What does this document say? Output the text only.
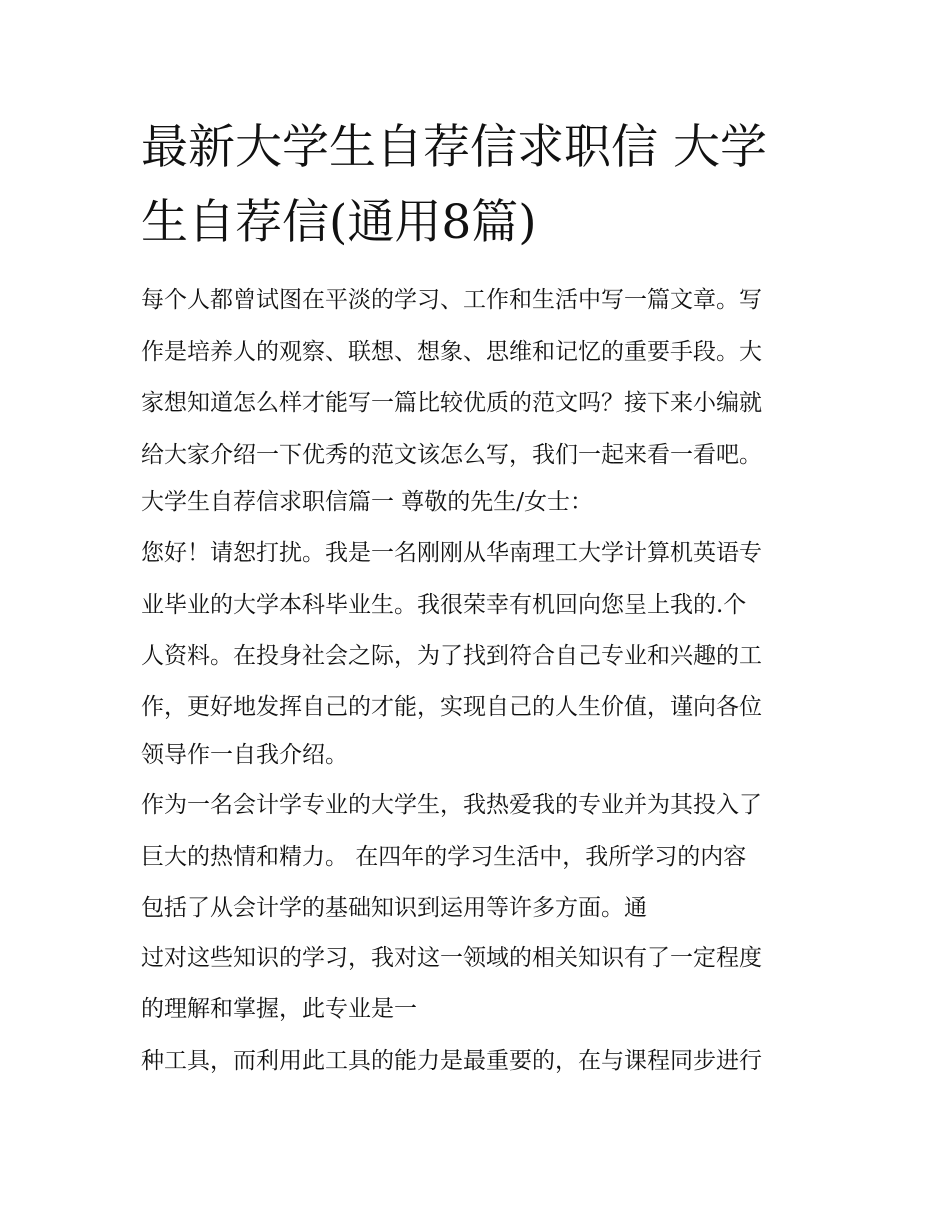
最新大学生自荐信求职信 大学
生自荐信(通用8篇)
每个人都曾试图在平淡的学习、工作和生活中写一篇文章。写
作是培养人的观察、联想、想象、思维和记忆的重要手段。大
家想知道怎么样才能写一篇比较优质的范文吗？接下来小编就
给大家介绍一下优秀的范文该怎么写，我们一起来看一看吧。
大学生自荐信求职信篇一 尊敬的先生/女士：
您好！请恕打扰。我是一名刚刚从华南理工大学计算机英语专
业毕业的大学本科毕业生。我很荣幸有机回向您呈上我的.个
人资料。在投身社会之际，为了找到符合自己专业和兴趣的工
作，更好地发挥自己的才能，实现自己的人生价值，谨向各位
领导作一自我介绍。
作为一名会计学专业的大学生，我热爱我的专业并为其投入了
巨大的热情和精力。 在四年的学习生活中，我所学习的内容
包括了从会计学的基础知识到运用等许多方面。通
过对这些知识的学习，我对这一领域的相关知识有了一定程度
的理解和掌握，此专业是一
种工具，而利用此工具的能力是最重要的，在与课程同步进行
